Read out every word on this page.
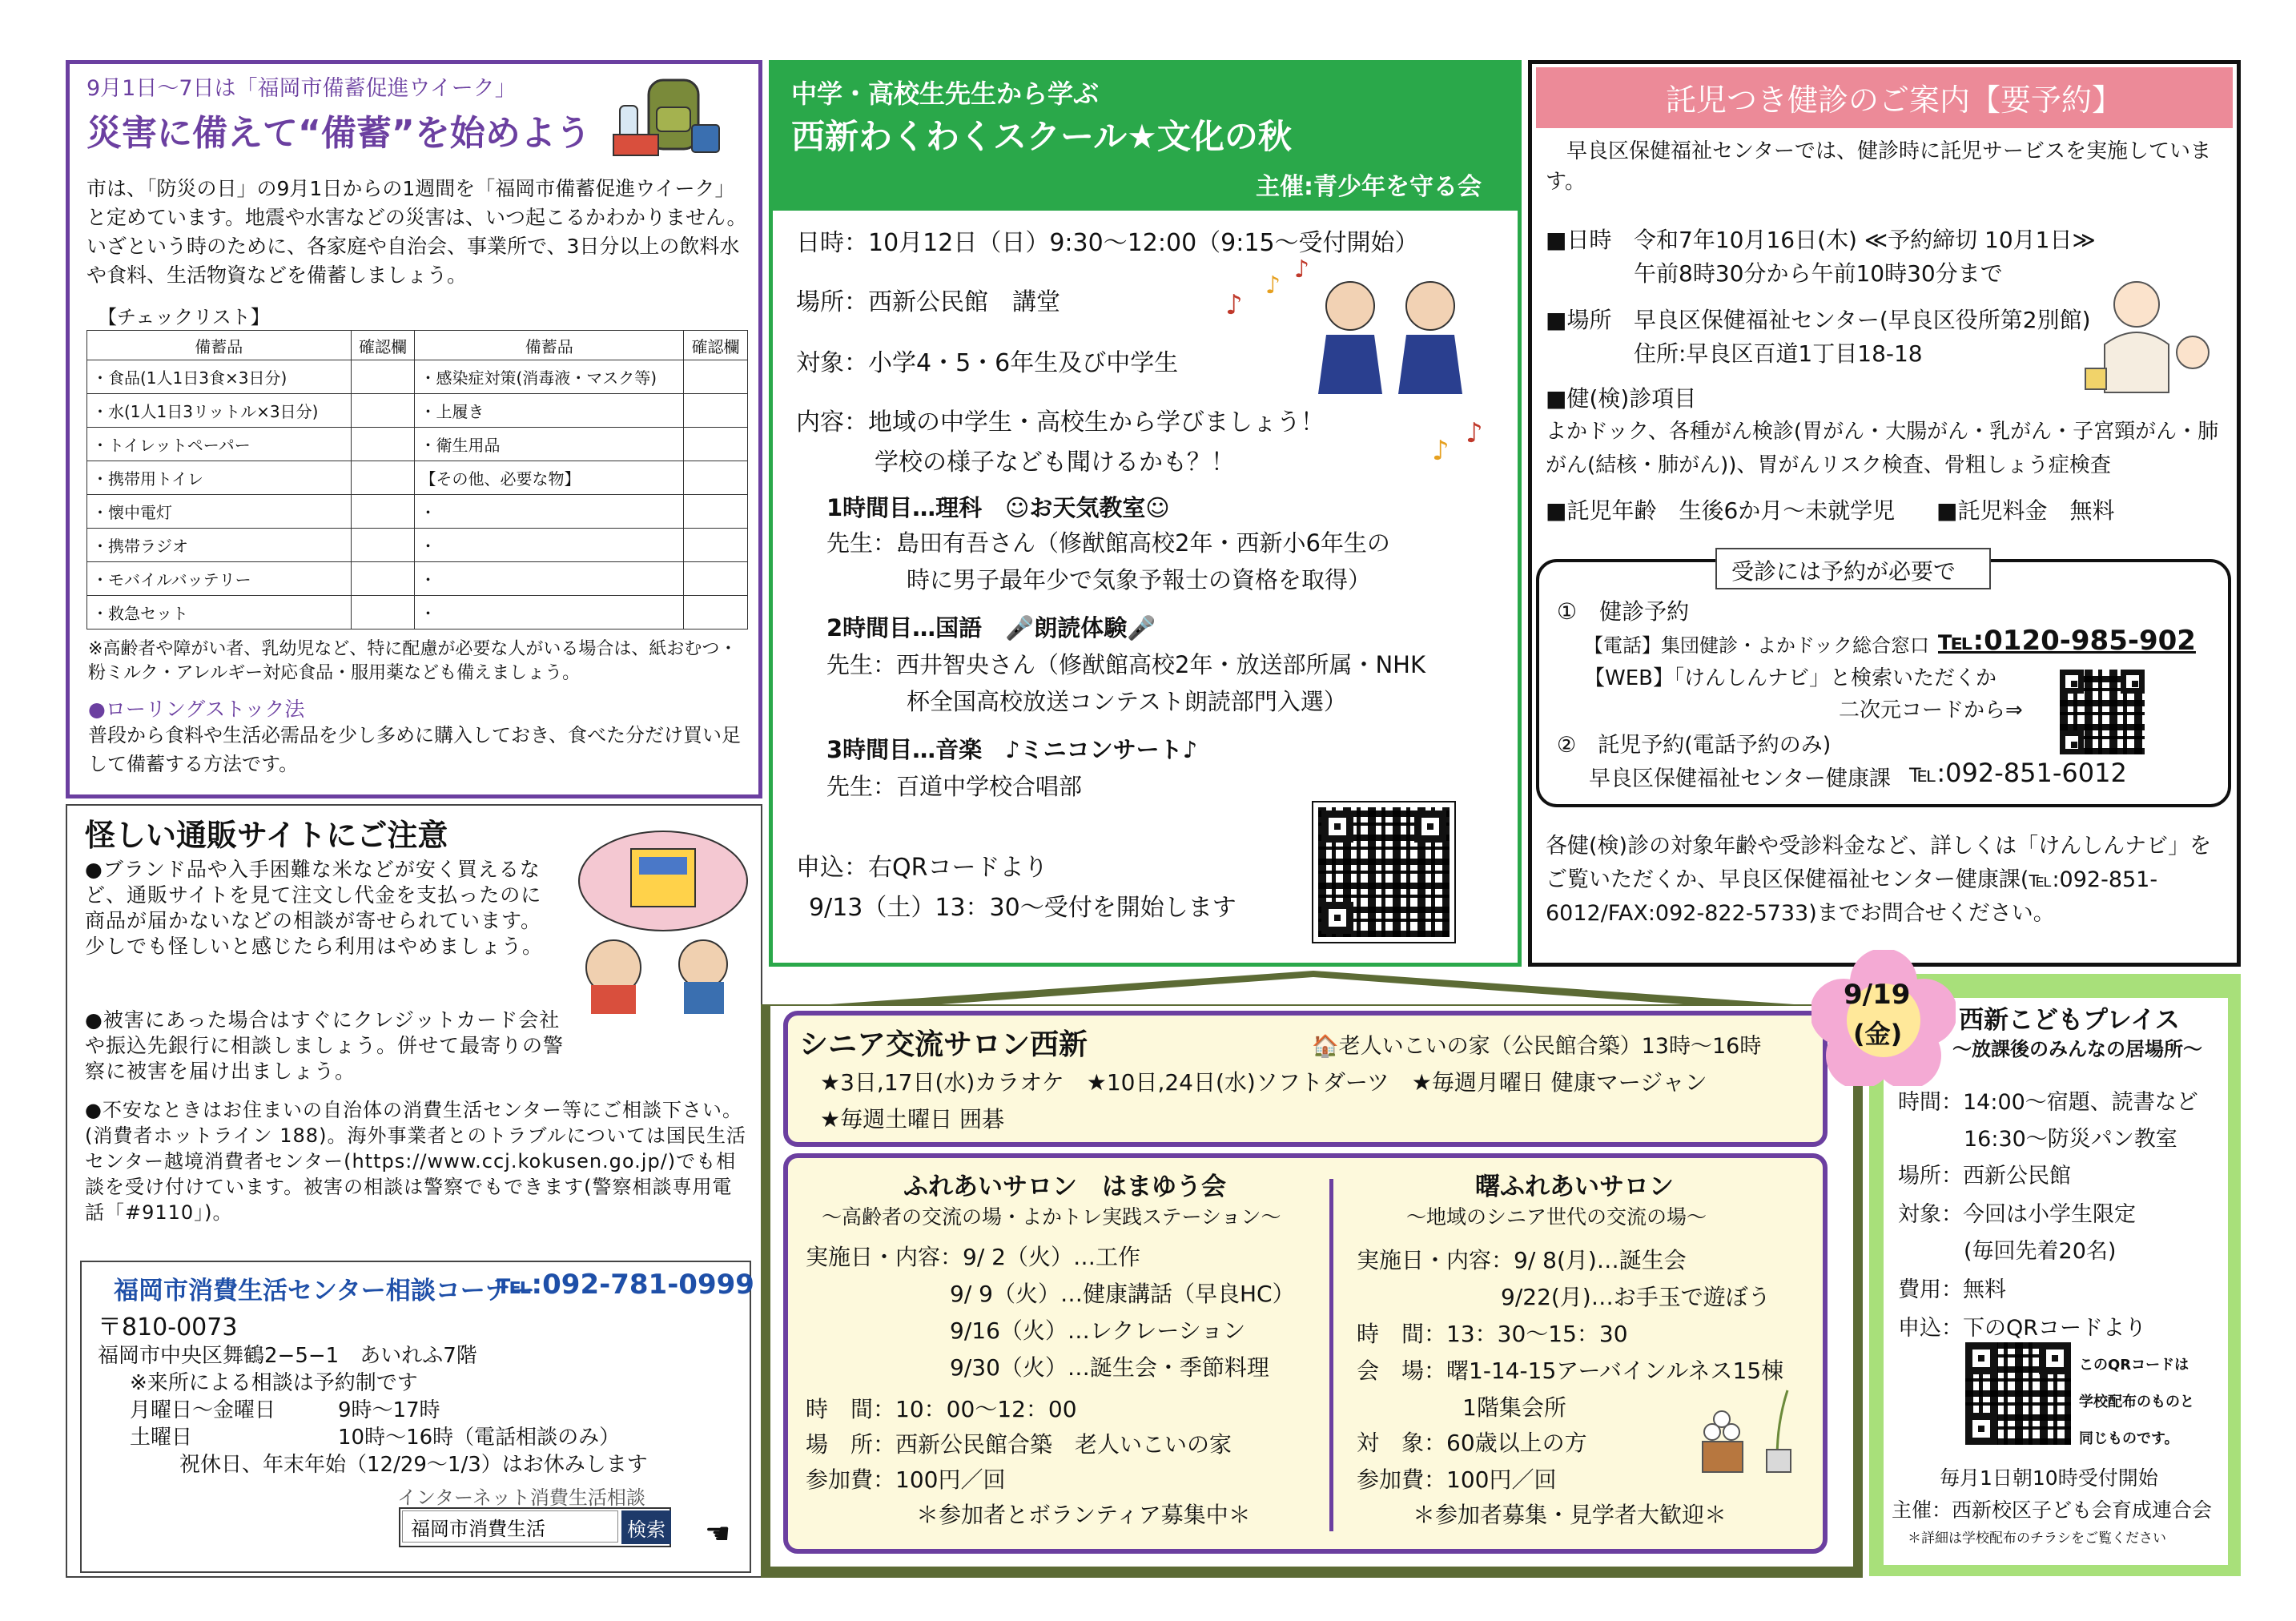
9月1日〜7日は「福岡市備蓄促進ウイーク」

災害に備えて“備蓄”を始めよう

市は、「防災の日」の9月1日からの1週間を「福岡市備蓄促進ウイーク」と定めています。地震や水害などの災害は、いつ起こるかわかりません。いざという時のために、各家庭や自治会、事業所で、3日分以上の飲料水や食料、生活物資などを備蓄しましょう。

【チェックリスト】

備蓄品	確認欄	備蓄品	確認欄
・食品(1人1日3食×3日分)		・感染症対策(消毒液・マスク等)	
・水(1人1日3リットル×3日分)		・上履き	
・トイレットペーパー		・衛生用品	
・携帯用トイレ		【その他、必要な物】	
・懐中電灯		・	
・携帯ラジオ		・	
・モバイルバッテリー		・	
・救急セット		・	

※高齢者や障がい者、乳幼児など、特に配慮が必要な人がいる場合は、紙おむつ・粉ミルク・アレルギー対応食品・服用薬なども備えましょう。

●ローリングストック法

普段から食料や生活必需品を少し多めに購入しておき、食べた分だけ買い足して備蓄する方法です。

怪しい通販サイトにご注意

●ブランド品や入手困難な米などが安く買えるなど、通販サイトを見て注文し代金を支払ったのに商品が届かないなどの相談が寄せられています。少しでも怪しいと感じたら利用はやめましょう。

●被害にあった場合はすぐにクレジットカード会社や振込先銀行に相談しましょう。併せて最寄りの警察に被害を届け出ましょう。

●不安なときはお住まいの自治体の消費生活センター等にご相談下さい。(消費者ホットライン 188)。海外事業者とのトラブルについては国民生活センター越境消費者センター(https://www.ccj.kokusen.go.jp/)でも相談を受け付けています。被害の相談は警察でもできます(警察相談専用電話「#9110」)。

福岡市消費生活センター相談コーナー

℡:092-781-0999

〒810-0073

福岡市中央区舞鶴2−5−1　あいれふ7階

※来所による相談は予約制です

月曜日〜金曜日　　　9時〜17時

土曜日　　　　　　　10時〜16時（電話相談のみ）

祝休日、年末年始（12/29〜1/3）はお休みします

インターネット消費生活相談

福岡市消費生活
検索 ☚

中学・高校生先生から学ぶ

西新わくわくスクール★文化の秋

主催:青少年を守る会

日時：10月12日（日）9:30〜12:00（9:15〜受付開始）

場所：西新公民館　講堂

対象：小学4・5・6年生及び中学生

♪
♪
♪
♪
♪

内容：地域の中学生・高校生から学びましょう！

学校の様子なども聞けるかも？！

1時間目…理科　☺お天気教室☺

先生：島田有吾さん（修猷館高校2年・西新小6年生の

時に男子最年少で気象予報士の資格を取得）

2時間目…国語　🎤朗読体験🎤

先生：西井智央さん（修猷館高校2年・放送部所属・NHK

杯全国高校放送コンテスト朗読部門入選）

3時間目…音楽　♪ミニコンサート♪

先生：百道中学校合唱部

申込：右QRコードより

9/13（土）13：30〜受付を開始します

託児つき健診のご案内【要予約】

早良区保健福祉センターでは、健診時に託児サービスを実施しています。

■日時 令和7年10月16日(木) ≪予約締切 10月1日≫

午前8時30分から午前10時30分まで

■場所 早良区保健福祉センター(早良区役所第2別館)

住所:早良区百道1丁目18-18

■健(検)診項目

よかドック、各種がん検診(胃がん・大腸がん・乳がん・子宮頸がん・肺がん(結核・肺がん))、胃がんリスク検査、骨粗しょう症検査

■託児年齢　生後6か月〜未就学児 ■託児料金　無料

受診には予約が必要で

①　健診予約

【電話】集団健診・よかドック総合窓口 ℡:0120-985-902

【WEB】「けんしんナビ」と検索いただくか

二次元コードから⇒

②　託児予約(電話予約のみ)

早良区保健福祉センター健康課 ℡:092-851-6012

各健(検)診の対象年齢や受診料金など、詳しくは「けんしんナビ」をご覧いただくか、早良区保健福祉センター健康課(℡:092-851-6012/FAX:092-822-5733)までお問合せください。

シニア交流サロン西新	🏠老人いこいの家（公民館合築）13時〜16時

★3日,17日(水)カラオケ　★10日,24日(水)ソフトダーツ　★毎週月曜日 健康マージャン

★毎週土曜日 囲碁

ふれあいサロン　はまゆう会

〜高齢者の交流の場・よかトレ実践ステーション〜

実施日・内容：9/ 2（火）…工作

9/ 9（火）…健康講話（早良HC）

9/16（火）…レクレーション

9/30（火）…誕生会・季節料理

時　間：10：00〜12：00

場　所：西新公民館合築　老人いこいの家

参加費：100円／回

＊参加者とボランティア募集中＊

曙ふれあいサロン

〜地域のシニア世代の交流の場〜

実施日・内容：9/ 8(月)…誕生会

9/22(月)…お手玉で遊ぼう

時　間：13：30〜15：30

会　場：曙1-14-15アーバインルネス15棟

1階集会所

対　象：60歳以上の方

参加費：100円／回

＊参加者募集・見学者大歓迎＊

9/19

(金) 西新こどもプレイス

〜放課後のみんなの居場所〜

時間：14:00〜宿題、読書など

16:30〜防災パン教室

場所：西新公民館

対象：今回は小学生限定

(毎回先着20名)

費用：無料

申込：下のQRコードより

このQRコードは

学校配布のものと

同じものです。

毎月1日朝10時受付開始

主催：西新校区子ども会育成連合会

＊詳細は学校配布のチラシをご覧ください
